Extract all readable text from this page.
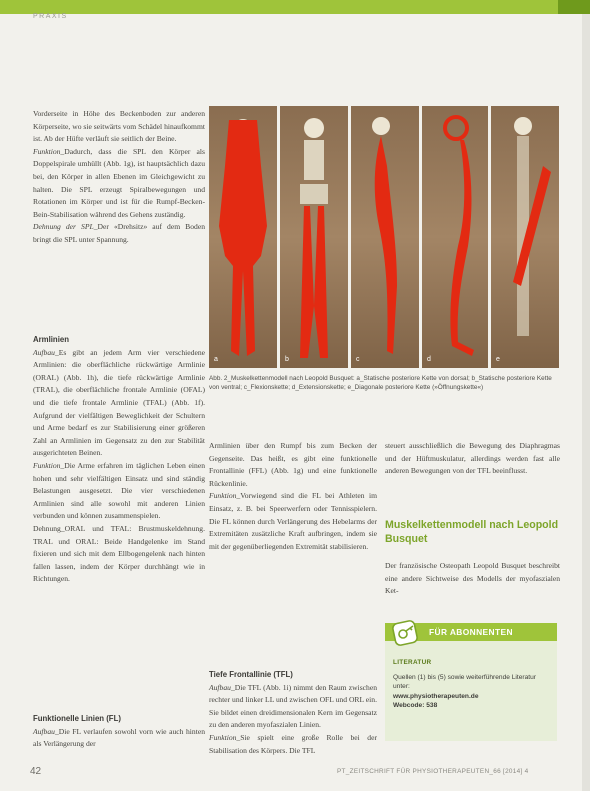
PRAXIS

Vorderseite in Höhe des Beckenboden zur anderen Körperseite, wo sie seitwärts vom Schädel hinaufkommt ist. Ab der Hüfte verläuft sie seitlich der Beine.

Funktion_Dadurch, dass die SPL den Körper als Doppelspirale umhüllt (Abb. 1g), ist hauptsächlich dazu bei, den Körper in allen Ebenen im Gleichgewicht zu halten. Die SPL erzeugt Spiralbewegungen und Rotationen im Körper und ist für die Rumpf-Becken-Bein-Stabilisation während des Gehens zuständig.

Dehnung der SPL_Der «Drehsitz» auf dem Boden bringt die SPL unter Spannung.

Armlinien

Aufbau_Es gibt an jedem Arm vier verschiedene Armlinien: die oberflächliche rückwärtige Armlinie (ORAL) (Abb. 1h), die tiefe rückwärtige Armlinie (TRAL), die oberflächliche frontale Armlinie (OFAL) und die tiefe frontale Armlinie (TFAL) (Abb. 1f). Aufgrund der vielfältigen Beweglichkeit der Schultern und Arme bedarf es zur Stabilisierung einer größeren Zahl an Armlinien im Gegensatz zu den zur Stabilität ausgerichteten Beinen.

Funktion_Die Arme erfahren im täglichen Leben einen hohen und sehr vielfältigen Einsatz und sind ständig Belastungen ausgesetzt. Die vier verschiedenen Armlinien sind alle sowohl mit anderen Linien verbunden und können zusammenspielen.

Dehnung_ORAL und TFAL: Brustmuskeldehnung. TRAL und ORAL: Beide Handgelenke im Stand fixieren und sich mit dem Ellbogengelenk nach hinten fallen lassen, indem der Körper durchhängt wie in Richtungen.

Funktionelle Linien (FL)

Aufbau_Die FL verlaufen sowohl vorn wie auch hinten als Verlängerung der

a	b	c	d	e
Abb. 2_Muskelkettenmodell nach Leopold Busquet: a_Statische posteriore Kette von dorsal; b_Statische posteriore Kette von ventral; c_Flexionskette; d_Extensionskette; e_Diagonale posteriore Kette (»Öffnungskette«)

Armlinien über den Rumpf bis zum Becken der Gegenseite. Das heißt, es gibt eine funktionelle Frontallinie (FFL) (Abb. 1g) und eine funktionelle Rückenlinie.

Funktion_Vorwiegend sind die FL bei Athleten im Einsatz, z. B. bei Speerwerfern oder Tennisspielern. Die FL können durch Verlängerung des Hebelarms der Extremitäten zusätzliche Kraft aufbringen, indem sie mit der gegenüberliegenden Extremität stabilisieren.

Tiefe Frontallinie (TFL)

Aufbau_Die TFL (Abb. 1i) nimmt den Raum zwischen rechter und linker LL und zwischen OFL und ORL ein. Sie bildet einen dreidimensionalen Kern im Gegensatz zu den anderen myofaszialen Linien.

Funktion_Sie spielt eine große Rolle bei der Stabilisation des Körpers. Die TFL

steuert ausschließlich die Bewegung des Diaphragmas und der Hüftmuskulatur, allerdings werden fast alle anderen Bewegungen von der TFL beeinflusst.

Muskelkettenmodell nach Leopold Busquet

Der französische Osteopath Leopold Busquet beschreibt eine andere Sichtweise des Modells der myofaszialen Ket-

FÜR ABONNENTEN
LITERATUR
Quellen (1) bis (5) sowie weiterführende Literatur unter:
www.physiotherapeuten.de
Webcode: 538
42	PT_ZEITSCHRIFT FÜR PHYSIOTHERAPEUTEN_66 [2014] 4
